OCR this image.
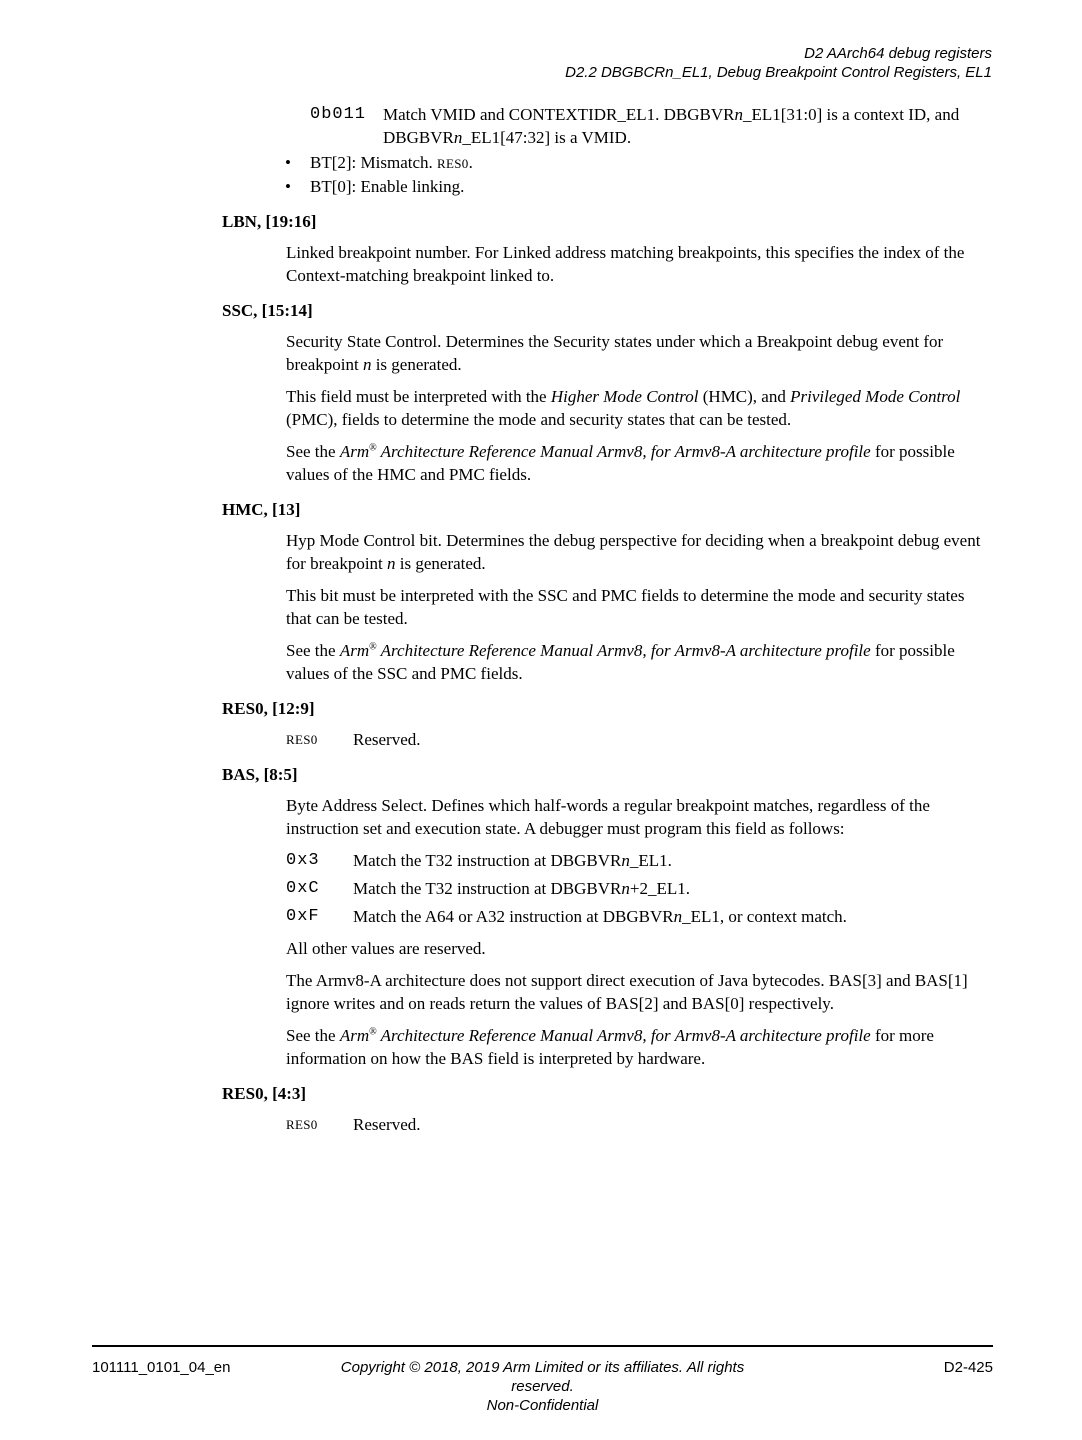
D2 AArch64 debug registers
D2.2 DBGBCRn_EL1, Debug Breakpoint Control Registers, EL1
0b011 Match VMID and CONTEXTIDR_EL1. DBGBVRn_EL1[31:0] is a context ID, and DBGBVRn_EL1[47:32] is a VMID.
•	BT[2]: Mismatch. RES0.
•	BT[0]: Enable linking.
LBN, [19:16]

Linked breakpoint number. For Linked address matching breakpoints, this specifies the index of the Context-matching breakpoint linked to.

SSC, [15:14]

Security State Control. Determines the Security states under which a Breakpoint debug event for breakpoint n is generated.

This field must be interpreted with the Higher Mode Control (HMC), and Privileged Mode Control (PMC), fields to determine the mode and security states that can be tested.

See the Arm® Architecture Reference Manual Armv8, for Armv8-A architecture profile for possible values of the HMC and PMC fields.

HMC, [13]

Hyp Mode Control bit. Determines the debug perspective for deciding when a breakpoint debug event for breakpoint n is generated.

This bit must be interpreted with the SSC and PMC fields to determine the mode and security states that can be tested.

See the Arm® Architecture Reference Manual Armv8, for Armv8-A architecture profile for possible values of the SSC and PMC fields.

RES0, [12:9]
RES0	Reserved.
BAS, [8:5]

Byte Address Select. Defines which half-words a regular breakpoint matches, regardless of the instruction set and execution state. A debugger must program this field as follows:

0x3	Match the T32 instruction at DBGBVRn_EL1.
0xC	Match the T32 instruction at DBGBVRn+2_EL1.
0xF	Match the A64 or A32 instruction at DBGBVRn_EL1, or context match.

All other values are reserved.

The Armv8-A architecture does not support direct execution of Java bytecodes. BAS[3] and BAS[1] ignore writes and on reads return the values of BAS[2] and BAS[0] respectively.

See the Arm® Architecture Reference Manual Armv8, for Armv8-A architecture profile for more information on how the BAS field is interpreted by hardware.

RES0, [4:3]
RES0	Reserved.
101111_0101_04_en	Copyright © 2018, 2019 Arm Limited or its affiliates. All rights
reserved.
Non-Confidential
D2-425
